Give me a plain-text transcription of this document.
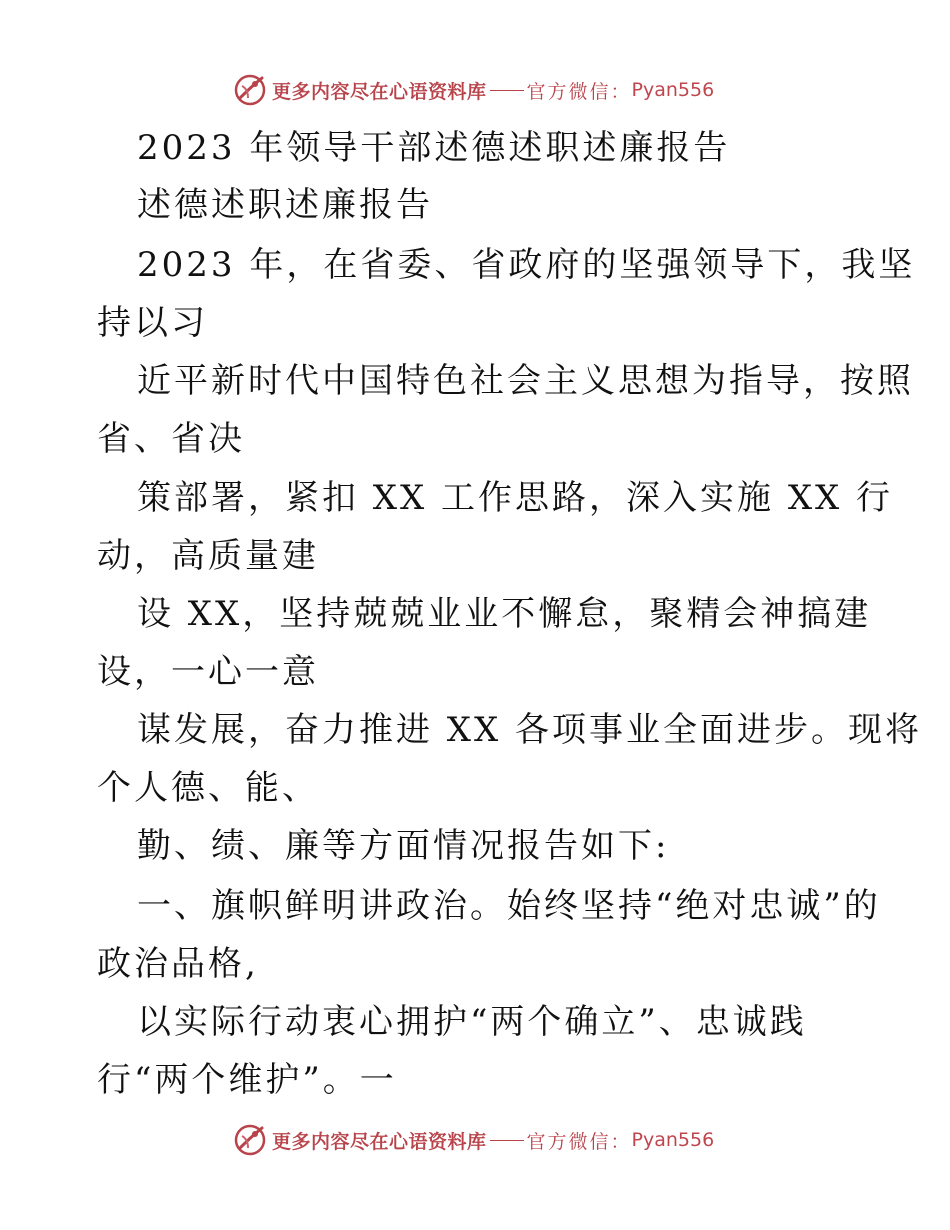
更多内容尽在心语资料库 官方微信： Pyan556
2023 年领导干部述德述职述廉报告
述德述职述廉报告
2023 年，在省委、省政府的坚强领导下，我坚
持以习
近平新时代中国特色社会主义思想为指导，按照
省、省决
策部署，紧扣 XX 工作思路，深入实施 XX 行
动，高质量建
设 XX，坚持兢兢业业不懈怠，聚精会神搞建
设，一心一意
谋发展，奋力推进 XX 各项事业全面进步。现将
个人德、能、
勤、绩、廉等方面情况报告如下:
一、旗帜鲜明讲政治。始终坚持“绝对忠诚”的
政治品格,
以实际行动衷心拥护“两个确立”、忠诚践
行“两个维护”。一
更多内容尽在心语资料库 官方微信： Pyan556
